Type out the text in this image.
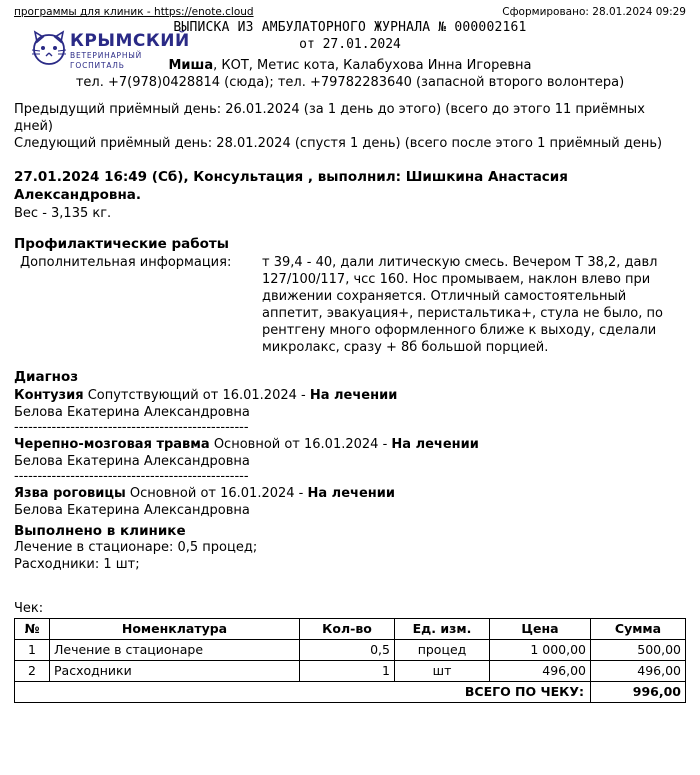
программы для клиник - https://enote.cloud	Сформировано: 28.01.2024 09:29
КРЫМСКИЙ
ВЕТЕРИНАРНЫЙ ГОСПИТАЛЬ
ВЫПИСКА ИЗ АМБУЛАТОРНОГО ЖУРНАЛА № 000002161
от 27.01.2024
Миша, КОТ, Метис кота, Калабухова Инна Игоревна
тел. +7(978)0428814 (сюда); тел. +79782283640 (запасной второго волонтера)

Предыдущий приёмный день: 26.01.2024 (за 1 день до этого) (всего до этого 11 приёмных дней)

Следующий приёмный день: 28.01.2024 (спустя 1 день) (всего после этого 1 приёмный день)

27.01.2024 16:49 (Сб), Консультация , выполнил: Шишкина Анастасия Александровна.
Вес - 3,135 кг.
Профилактические работы
Дополнительная информация:	т 39,4 - 40, дали литическую смесь. Вечером Т 38,2, давл 127/100/117, чсс 160. Нос промываем, наклон влево при движении сохраняется. Отличный самостоятельный аппетит, эвакуация+, перистальтика+, стула не было, по рентгену много оформленного ближе к выходу, сделали микролакс, сразу + 8б большой порцией.
Диагноз
Контузия Сопутствующий от 16.01.2024 - На лечении
Белова Екатерина Александровна
--------------------------------------------------
Черепно-мозговая травма Основной от 16.01.2024 - На лечении
Белова Екатерина Александровна
--------------------------------------------------
Язва роговицы Основной от 16.01.2024 - На лечении
Белова Екатерина Александровна
Выполнено в клинике
Лечение в стационаре: 0,5 процед;
Расходники: 1 шт;
Чек:
№	Номенклатура	Кол-во	Ед. изм.	Цена	Сумма
1	Лечение в стационаре	0,5	процед	1 000,00	500,00
2	Расходники	1	шт	496,00	496,00
ВСЕГО ПО ЧЕКУ:					996,00
